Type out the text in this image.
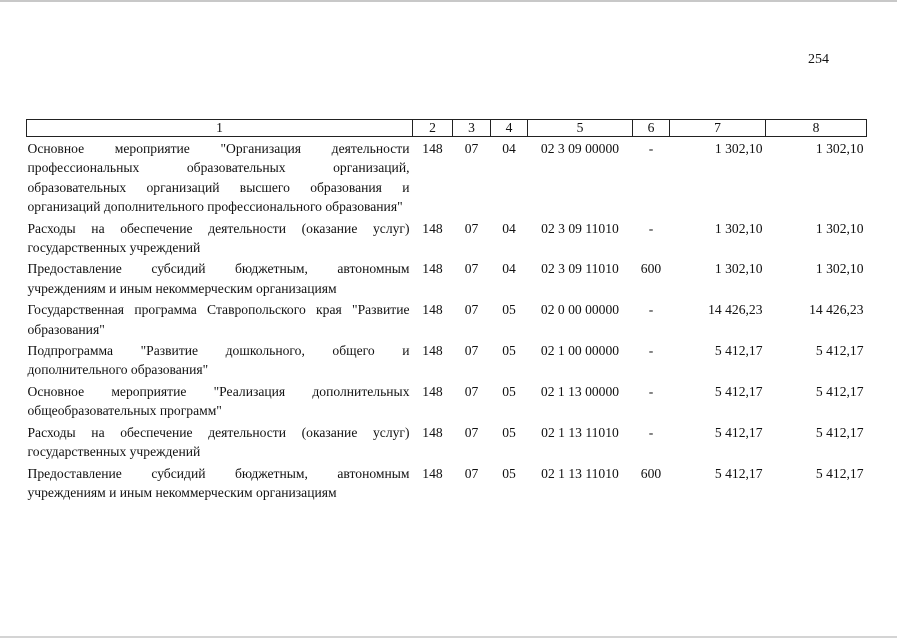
254
1	2	3	4	5	6	7	8
Основное мероприятие "Организация деятельности профессиональных образовательных организаций, образовательных организаций высшего образования и организаций дополнительного профессионального образования"	148	07	04	02 3 09 00000	-	1 302,10	1 302,10
Расходы на обеспечение деятельности (оказание услуг) государственных учреждений	148	07	04	02 3 09 11010	-	1 302,10	1 302,10
Предоставление субсидий бюджетным, автономным учреждениям и иным некоммерческим организациям	148	07	04	02 3 09 11010	600	1 302,10	1 302,10
Государственная программа Ставропольского края "Развитие образования"	148	07	05	02 0 00 00000	-	14 426,23	14 426,23
Подпрограмма "Развитие дошкольного, общего и дополнительного образования"	148	07	05	02 1 00 00000	-	5 412,17	5 412,17
Основное мероприятие "Реализация дополнительных общеобразовательных программ"	148	07	05	02 1 13 00000	-	5 412,17	5 412,17
Расходы на обеспечение деятельности (оказание услуг) государственных учреждений	148	07	05	02 1 13 11010	-	5 412,17	5 412,17
Предоставление субсидий бюджетным, автономным учреждениям и иным некоммерческим организациям	148	07	05	02 1 13 11010	600	5 412,17	5 412,17
